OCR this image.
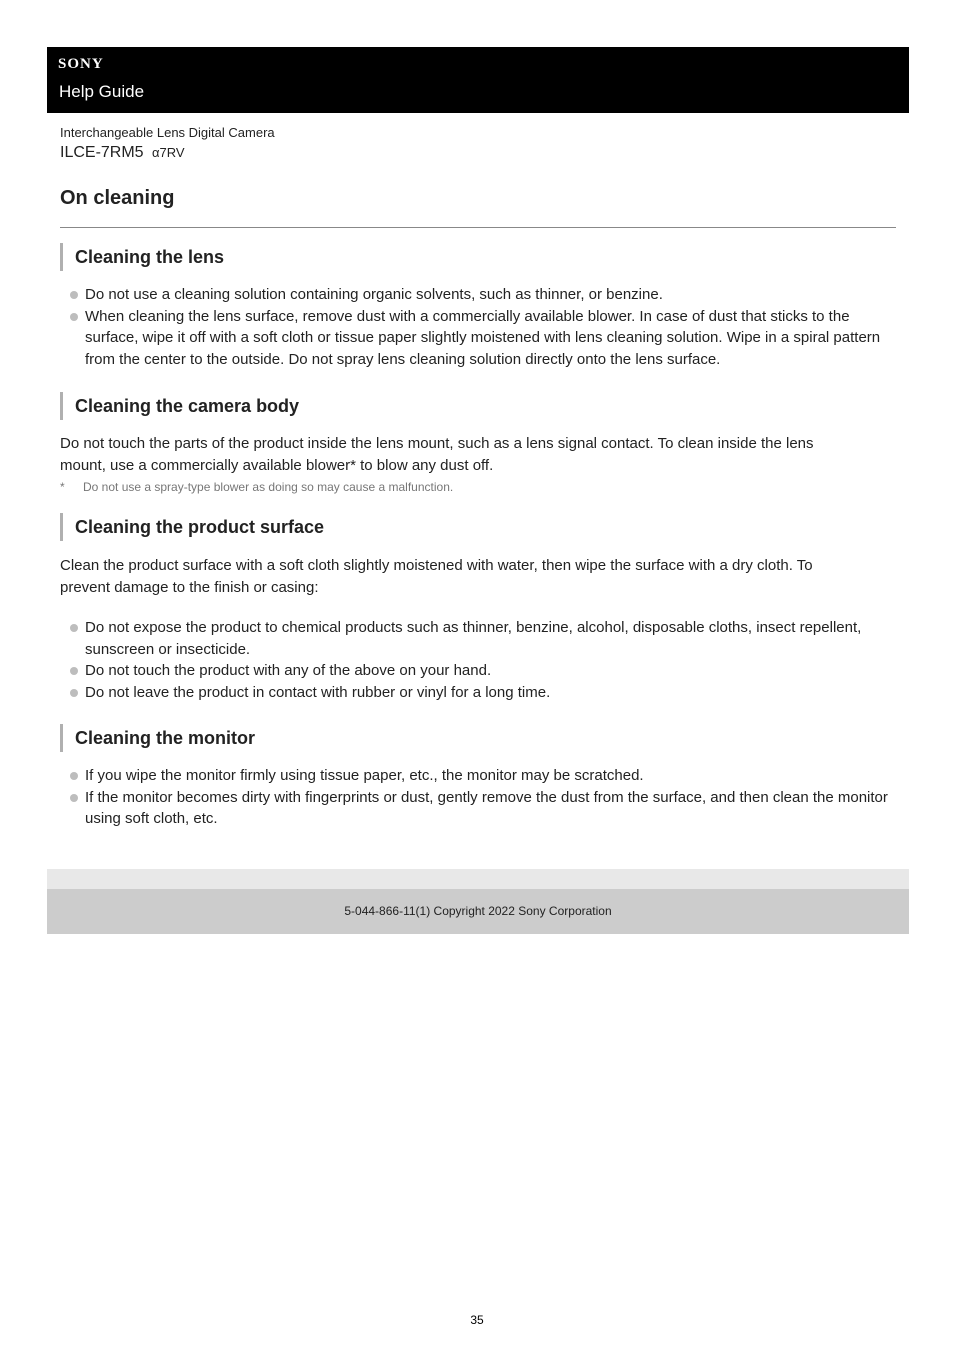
SONY
Help Guide
Interchangeable Lens Digital Camera
ILCE-7RM5 α7RV
On cleaning
Cleaning the lens
Do not use a cleaning solution containing organic solvents, such as thinner, or benzine.
When cleaning the lens surface, remove dust with a commercially available blower. In case of dust that sticks to the surface, wipe it off with a soft cloth or tissue paper slightly moistened with lens cleaning solution. Wipe in a spiral pattern from the center to the outside. Do not spray lens cleaning solution directly onto the lens surface.
Cleaning the camera body

Do not touch the parts of the product inside the lens mount, such as a lens signal contact. To clean inside the lens mount, use a commercially available blower* to blow any dust off.

* Do not use a spray-type blower as doing so may cause a malfunction.
Cleaning the product surface

Clean the product surface with a soft cloth slightly moistened with water, then wipe the surface with a dry cloth. To prevent damage to the finish or casing:

Do not expose the product to chemical products such as thinner, benzine, alcohol, disposable cloths, insect repellent, sunscreen or insecticide.
Do not touch the product with any of the above on your hand.
Do not leave the product in contact with rubber or vinyl for a long time.
Cleaning the monitor
If you wipe the monitor firmly using tissue paper, etc., the monitor may be scratched.
If the monitor becomes dirty with fingerprints or dust, gently remove the dust from the surface, and then clean the monitor using soft cloth, etc.
5-044-866-11(1) Copyright 2022 Sony Corporation
35
